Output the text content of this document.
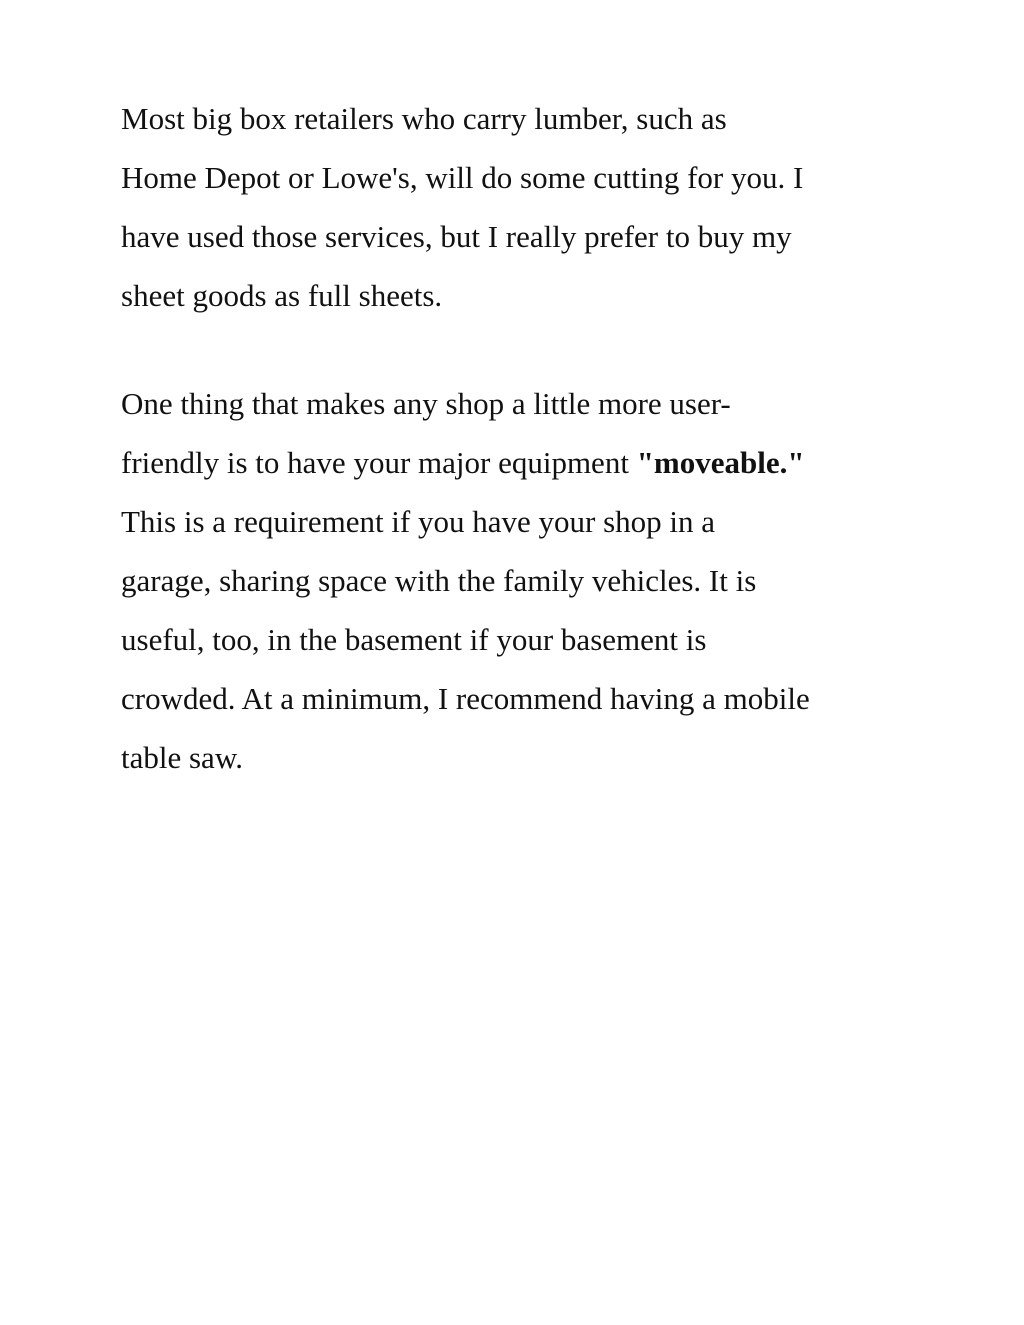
Most big box retailers who carry lumber, such as
Home Depot or Lowe's, will do some cutting for you. I
have used those services, but I really prefer to buy my
sheet goods as full sheets.

One thing that makes any shop a little more user-
friendly is to have your major equipment "moveable."
This is a requirement if you have your shop in a
garage, sharing space with the family vehicles. It is
useful, too, in the basement if your basement is
crowded. At a minimum, I recommend having a mobile
table saw.
